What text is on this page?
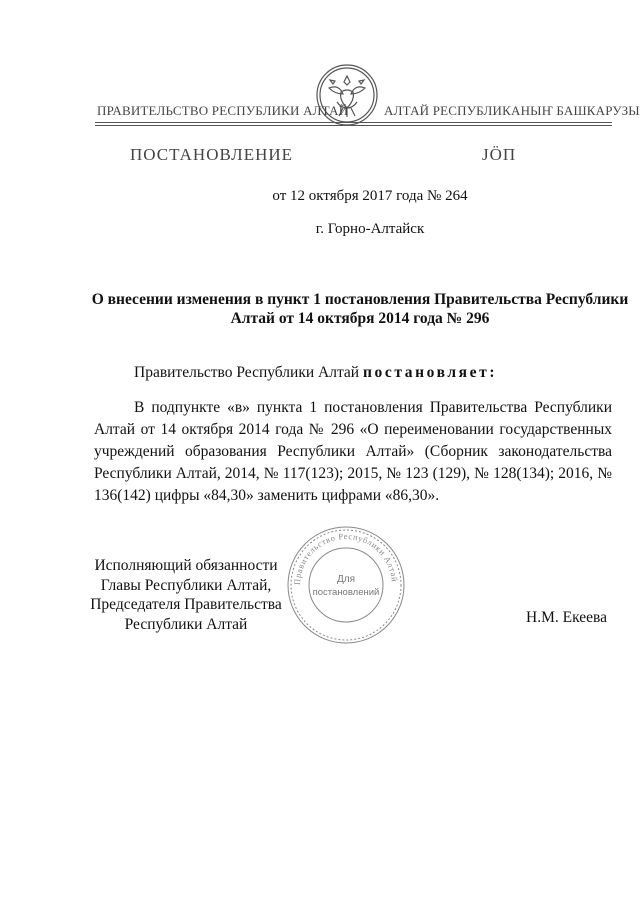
ПРАВИТЕЛЬСТВО РЕСПУБЛИКИ АЛТАЙ	АЛТАЙ РЕСПУБЛИКАНЫҤ БАШКАРУЗЫ
ПОСТАНОВЛЕНИЕ	JӦП
от 12 октября 2017 года № 264
г. Горно-Алтайск
О внесении изменения в пункт 1 постановления Правительства Республики Алтай от 14 октября 2014 года № 296
Правительство Республики Алтай постановляет:
В подпункте «в» пункта 1 постановления Правительства Республики Алтай от 14 октября 2014 года № 296 «О переименовании государственных учреждений образования Республики Алтай» (Сборник законодательства Республики Алтай, 2014, № 117(123); 2015, № 123 (129), № 128(134); 2016, № 136(142) цифры «84,30» заменить цифрами «86,30».
Исполняющий обязанности
Главы Республики Алтай,
Председателя Правительства
Республики Алтай
Правительство Республики Алтай
Для
постановлений
Н.М. Екеева
